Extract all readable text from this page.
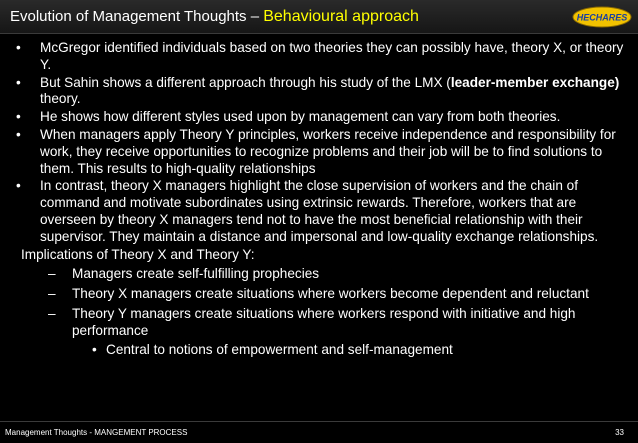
Evolution of Management Thoughts – Behavioural approach	HECHARES
• McGregor identified individuals based on two theories they can possibly have, theory X, or theory Y.
• But Sahin shows a different approach through his study of the LMX (leader-member exchange) theory.
• He shows how different styles used upon by management can vary from both theories.
• When managers apply Theory Y principles, workers receive independence and responsibility for work, they receive opportunities to recognize problems and their job will be to find solutions to them. This results to high-quality relationships
• In contrast, theory X managers highlight the close supervision of workers and the chain of command and motivate subordinates using extrinsic rewards. Therefore, workers that are overseen by theory X managers tend not to have the most beneficial relationship with their supervisor. They maintain a distance and impersonal and low-quality exchange relationships.
Implications of Theory X and Theory Y:
– Managers create self-fulfilling prophecies
– Theory X managers create situations where workers become dependent and reluctant
– Theory Y managers create situations where workers respond with initiative and high performance
• Central to notions of empowerment and self-management
Management Thoughts - MANGEMENT PROCESS	33
